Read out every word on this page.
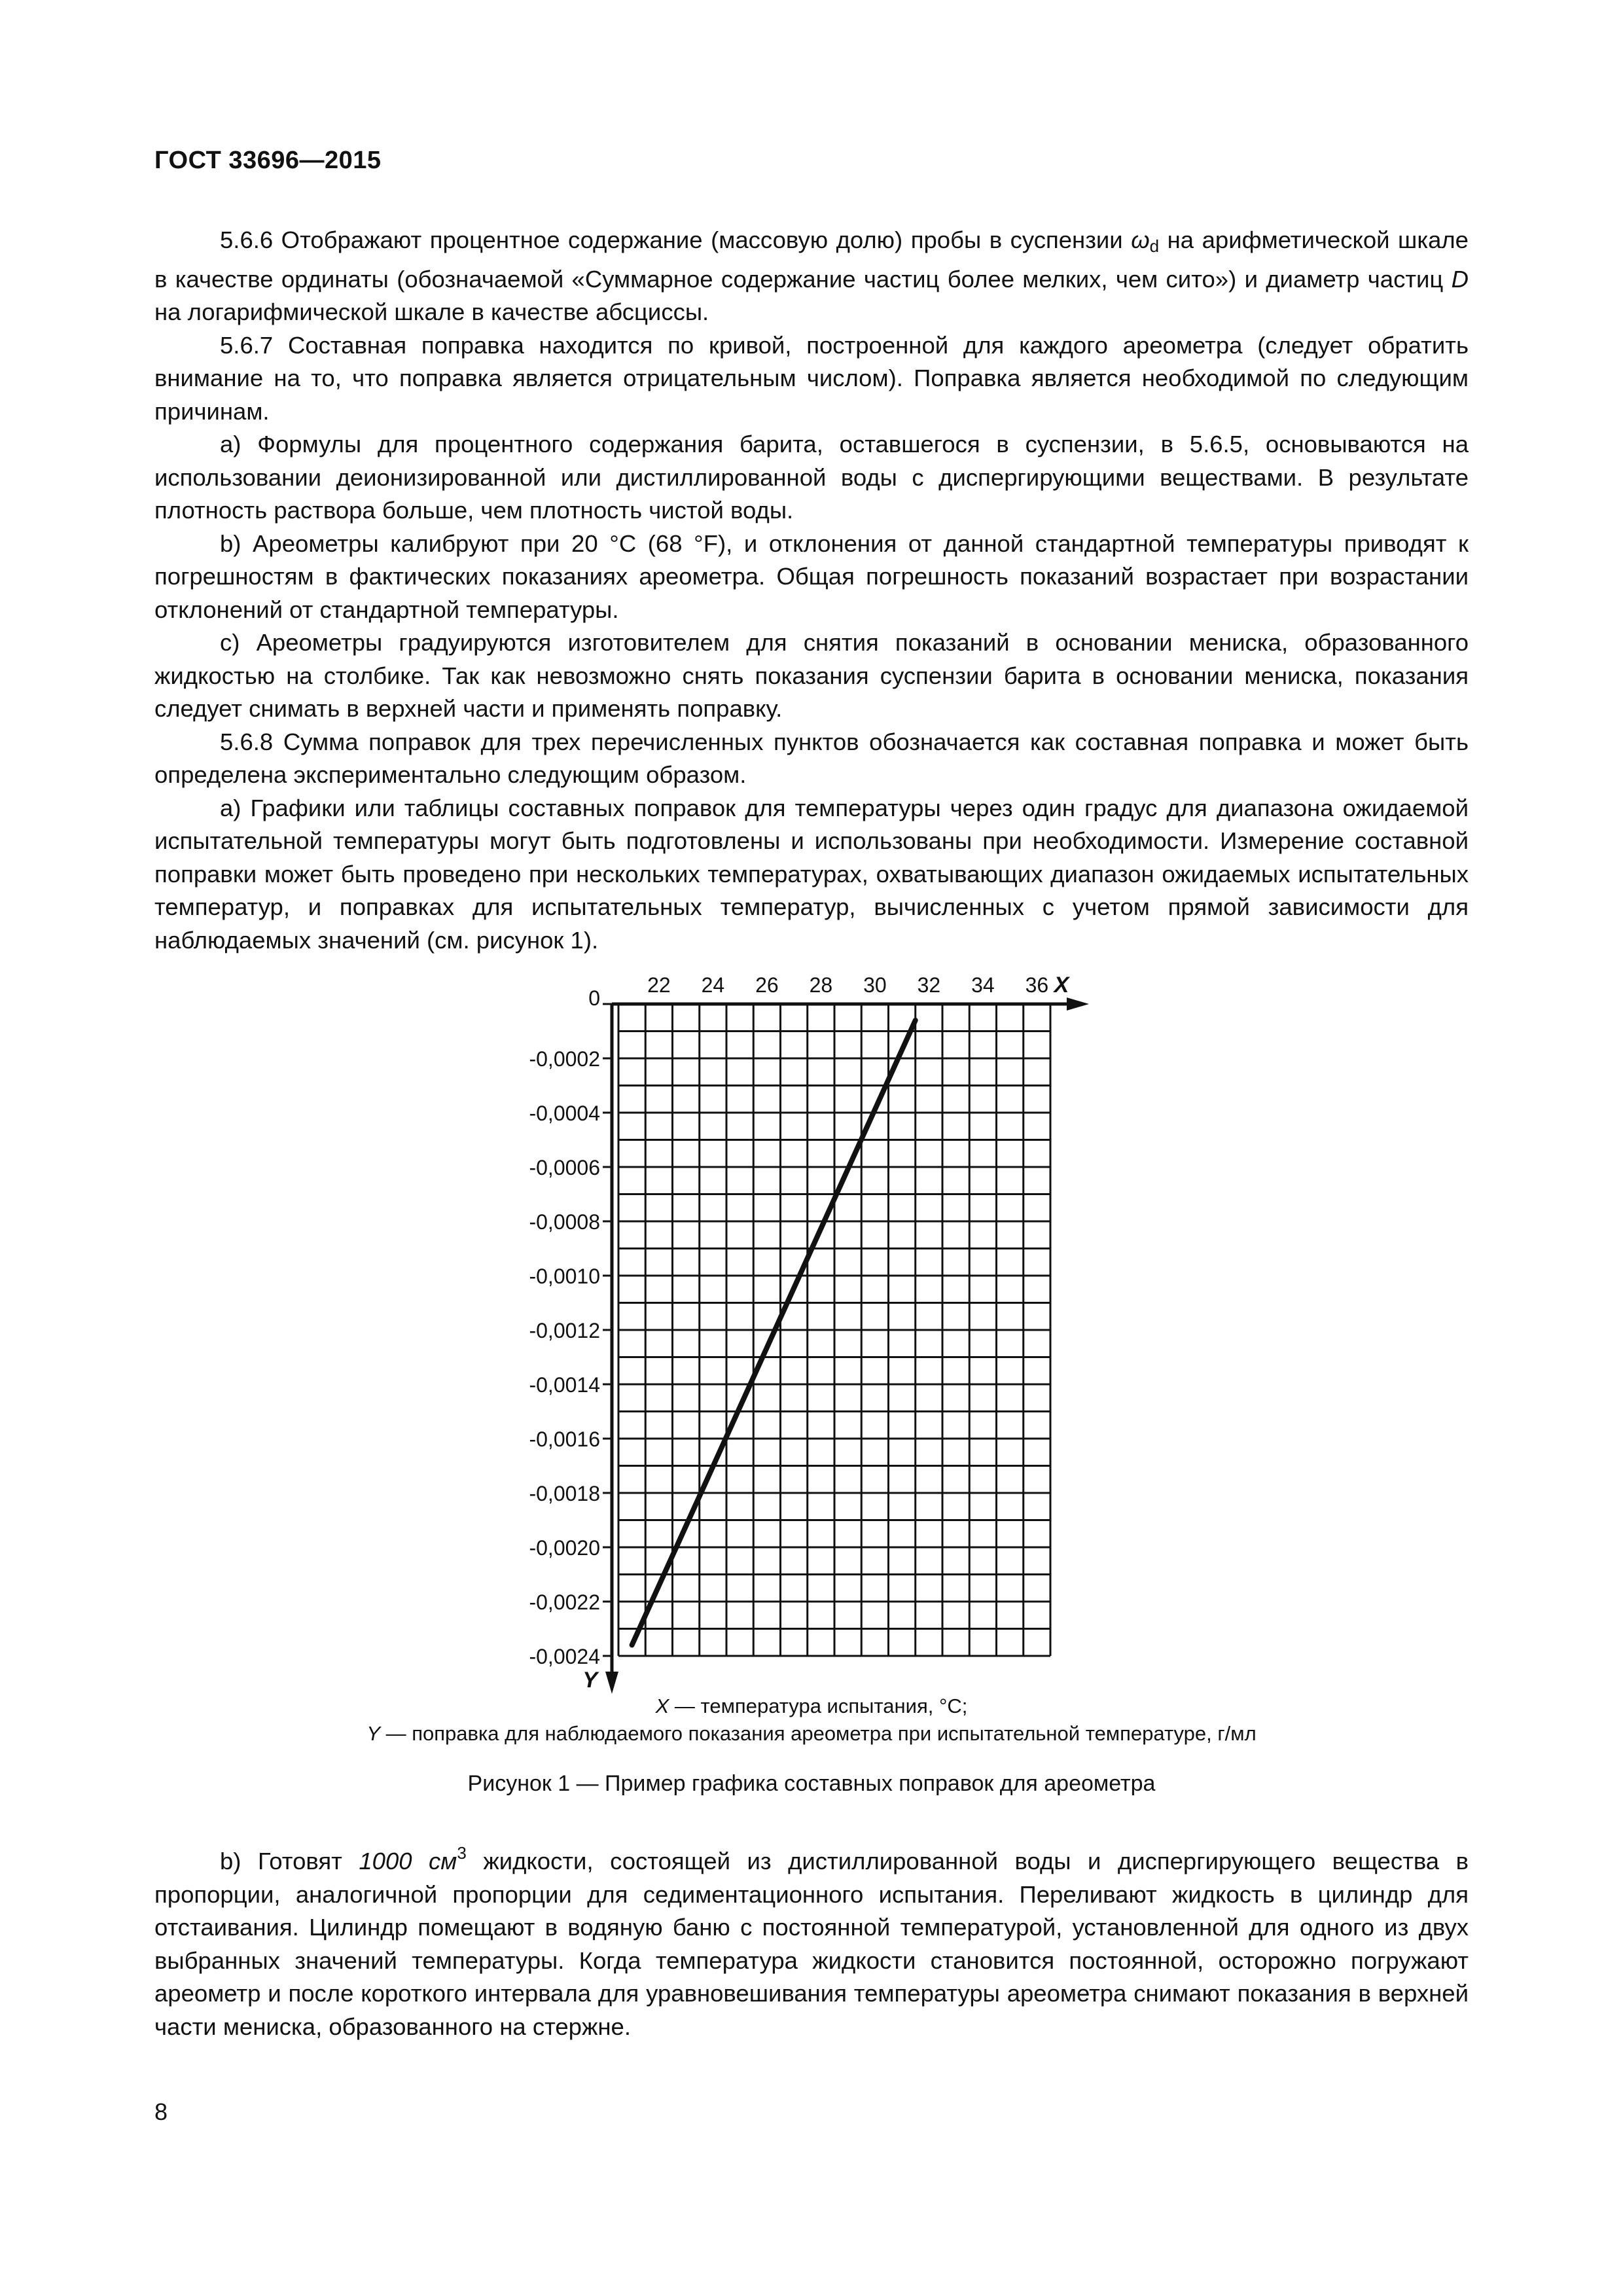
ГОСТ 33696—2015

5.6.6 Отображают процентное содержание (массовую долю) пробы в суспензии $\omega_d$ на арифметической шкале в качестве ординаты (обозначаемой «Суммарное содержание частиц более мелких, чем сито») и диаметр частиц D на логарифмической шкале в качестве абсциссы.

5.6.7 Составная поправка находится по кривой, построенной для каждого ареометра (следует обратить внимание на то, что поправка является отрицательным числом). Поправка является необходимой по следующим причинам.

а) Формулы для процентного содержания барита, оставшегося в суспензии, в 5.6.5, основываются на использовании деионизированной или дистиллированной воды с диспергирующими веществами. В результате плотность раствора больше, чем плотность чистой воды.

b) Ареометры калибруют при 20 °C (68 °F), и отклонения от данной стандартной температуры приводят к погрешностям в фактических показаниях ареометра. Общая погрешность показаний возрастает при возрастании отклонений от стандартной температуры.

c) Ареометры градуируются изготовителем для снятия показаний в основании мениска, образованного жидкостью на столбике. Так как невозможно снять показания суспензии барита в основании мениска, показания следует снимать в верхней части и применять поправку.

5.6.8 Сумма поправок для трех перечисленных пунктов обозначается как составная поправка и может быть определена экспериментально следующим образом.

а) Графики или таблицы составных поправок для температуры через один градус для диапазона ожидаемой испытательной температуры могут быть подготовлены и использованы при необходимости. Измерение составной поправки может быть проведено при нескольких температурах, охватывающих диапазон ожидаемых испытательных температур, и поправках для испытательных температур, вычисленных с учетом прямой зависимости для наблюдаемых значений (см. рисунок 1).

22 24 26 28 30 32 34 36 X
0
-0,0002
-0,0004
-0,0006
-0,0008
-0,0010
-0,0012
-0,0014
-0,0016
-0,0018
-0,0020
-0,0022
-0,0024
Y
X — температура испытания, °C;
Y — поправка для наблюдаемого показания ареометра при испытательной температуре, г/мл
Рисунок 1 — Пример графика составных поправок для ареометра

b) Готовят 1000 $см^3$ жидкости, состоящей из дистиллированной воды и диспергирующего вещества в пропорции, аналогичной пропорции для седиментационного испытания. Переливают жидкость в цилиндр для отстаивания. Цилиндр помещают в водяную баню с постоянной температурой, установленной для одного из двух выбранных значений температуры. Когда температура жидкости становится постоянной, осторожно погружают ареометр и после короткого интервала для уравновешивания температуры ареометра снимают показания в верхней части мениска, образованного на стержне.

8
